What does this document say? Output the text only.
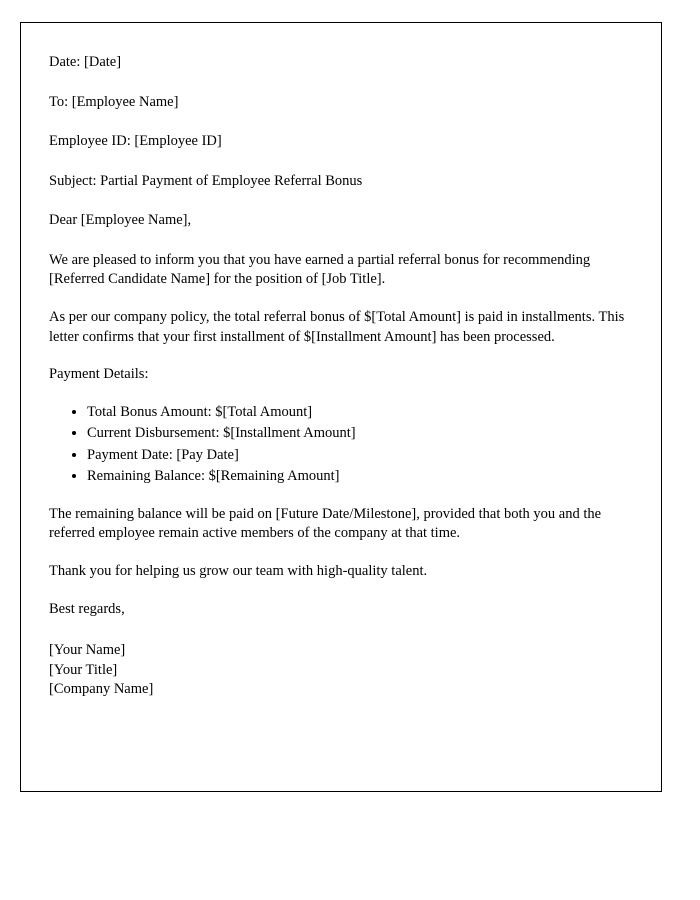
Date: [Date]

To: [Employee Name]

Employee ID: [Employee ID]

Subject: Partial Payment of Employee Referral Bonus

Dear [Employee Name],

We are pleased to inform you that you have earned a partial referral bonus for recommending [Referred Candidate Name] for the position of [Job Title].

As per our company policy, the total referral bonus of $[Total Amount] is paid in installments. This letter confirms that your first installment of $[Installment Amount] has been processed.

Payment Details:

• Total Bonus Amount: $[Total Amount]
• Current Disbursement: $[Installment Amount]
• Payment Date: [Pay Date]
• Remaining Balance: $[Remaining Amount]

The remaining balance will be paid on [Future Date/Milestone], provided that both you and the referred employee remain active members of the company at that time.

Thank you for helping us grow our team with high-quality talent.

Best regards,

[Your Name]

[Your Title]

[Company Name]
